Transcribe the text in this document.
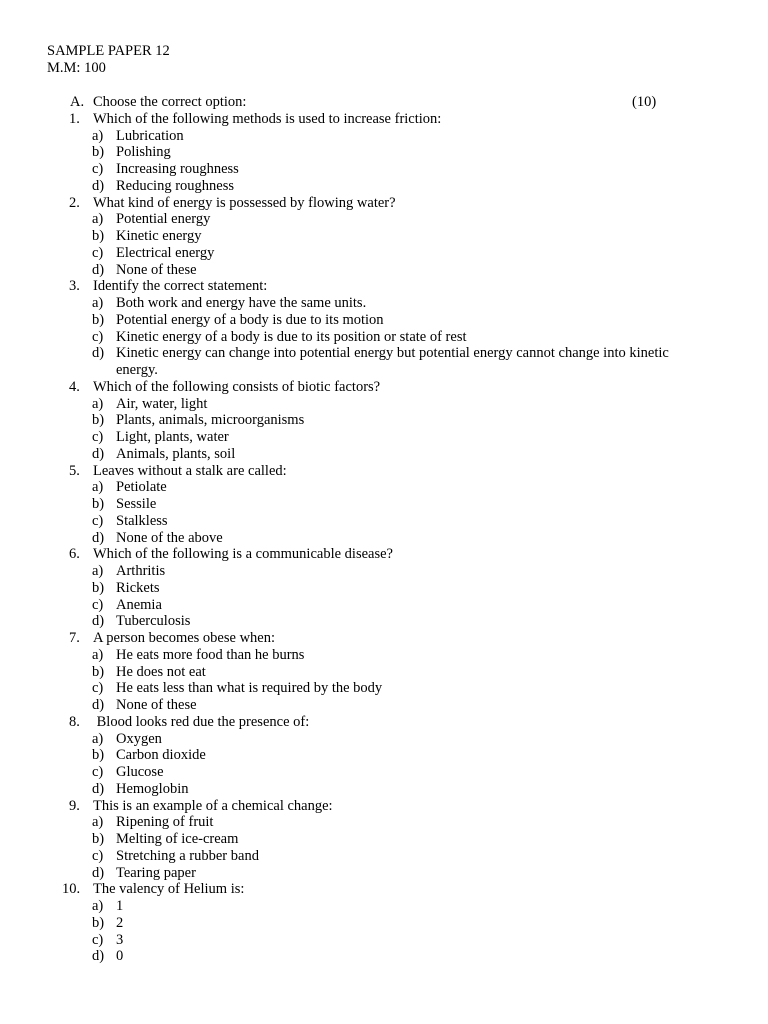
SAMPLE PAPER 12
M.M: 100
A. Choose the correct option:	(10)
1. Which of the following methods is used to increase friction:
a) Lubrication
b) Polishing
c) Increasing roughness
d) Reducing roughness
2. What kind of energy is possessed by flowing water?
a) Potential energy
b) Kinetic energy
c) Electrical energy
d) None of these
3. Identify the correct statement:
a) Both work and energy have the same units.
b) Potential energy of a body is due to its motion
c) Kinetic energy of a body is due to its position or state of rest
d) Kinetic energy can change into potential energy but potential energy cannot change into kinetic energy.
4. Which of the following consists of biotic factors?
a) Air, water, light
b) Plants, animals, microorganisms
c) Light, plants, water
d) Animals, plants, soil
5. Leaves without a stalk are called:
a) Petiolate
b) Sessile
c) Stalkless
d) None of the above
6. Which of the following is a communicable disease?
a) Arthritis
b) Rickets
c) Anemia
d) Tuberculosis
7. A person becomes obese when:
a) He eats more food than he burns
b) He does not eat
c) He eats less than what is required by the body
d) None of these
8. Blood looks red due the presence of:
a) Oxygen
b) Carbon dioxide
c) Glucose
d) Hemoglobin
9. This is an example of a chemical change:
a) Ripening of fruit
b) Melting of ice-cream
c) Stretching a rubber band
d) Tearing paper
10. The valency of Helium is:
a) 1
b) 2
c) 3
d) 0
